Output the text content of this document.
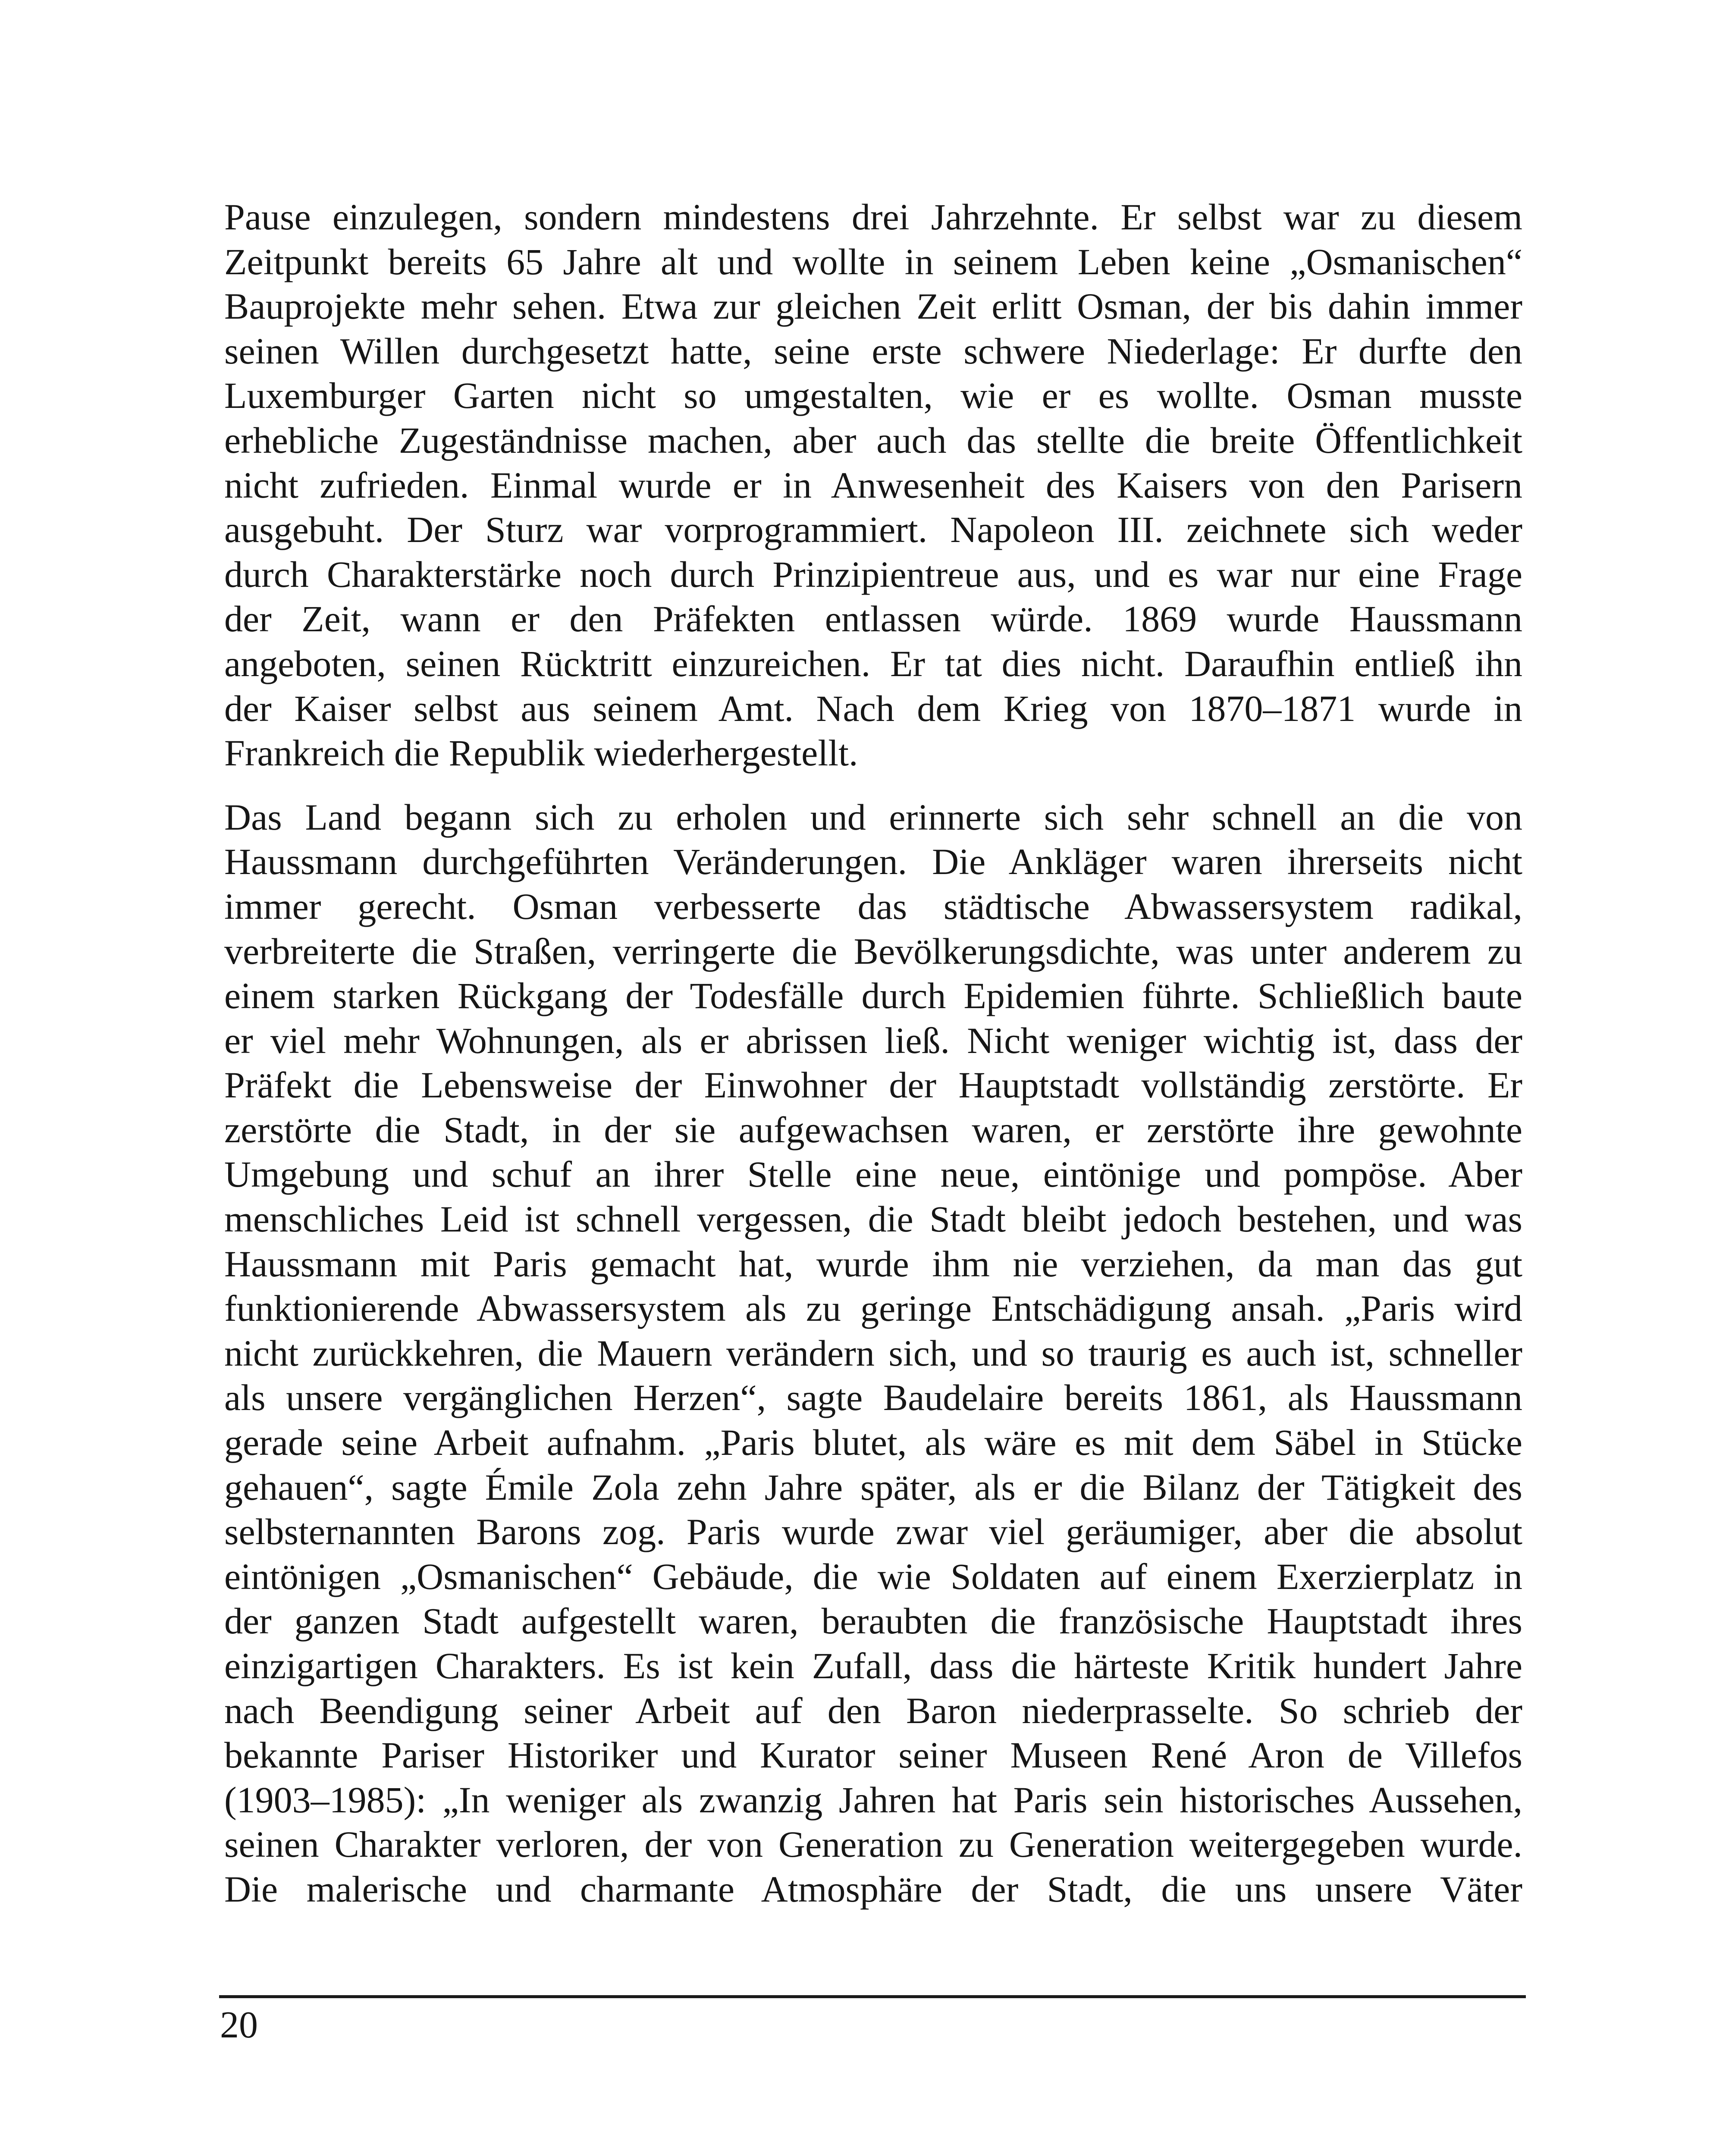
Pause einzulegen, sondern mindestens drei Jahrzehnte. Er selbst war zu diesem
Zeitpunkt bereits 65 Jahre alt und wollte in seinem Leben keine „Osmanischen“
Bauprojekte mehr sehen. Etwa zur gleichen Zeit erlitt Osman, der bis dahin immer
seinen Willen durchgesetzt hatte, seine erste schwere Niederlage: Er durfte den
Luxemburger Garten nicht so umgestalten, wie er es wollte. Osman musste
erhebliche Zugeständnisse machen, aber auch das stellte die breite Öffentlichkeit
nicht zufrieden. Einmal wurde er in Anwesenheit des Kaisers von den Parisern
ausgebuht. Der Sturz war vorprogrammiert. Napoleon III. zeichnete sich weder
durch Charakterstärke noch durch Prinzipientreue aus, und es war nur eine Frage
der Zeit, wann er den Präfekten entlassen würde. 1869 wurde Haussmann
angeboten, seinen Rücktritt einzureichen. Er tat dies nicht. Daraufhin entließ ihn
der Kaiser selbst aus seinem Amt. Nach dem Krieg von 1870–1871 wurde in
Frankreich die Republik wiederhergestellt.

Das Land begann sich zu erholen und erinnerte sich sehr schnell an die von
Haussmann durchgeführten Veränderungen. Die Ankläger waren ihrerseits nicht
immer gerecht. Osman verbesserte das städtische Abwassersystem radikal,
verbreiterte die Straßen, verringerte die Bevölkerungsdichte, was unter anderem zu
einem starken Rückgang der Todesfälle durch Epidemien führte. Schließlich baute
er viel mehr Wohnungen, als er abrissen ließ. Nicht weniger wichtig ist, dass der
Präfekt die Lebensweise der Einwohner der Hauptstadt vollständig zerstörte. Er
zerstörte die Stadt, in der sie aufgewachsen waren, er zerstörte ihre gewohnte
Umgebung und schuf an ihrer Stelle eine neue, eintönige und pompöse. Aber
menschliches Leid ist schnell vergessen, die Stadt bleibt jedoch bestehen, und was
Haussmann mit Paris gemacht hat, wurde ihm nie verziehen, da man das gut
funktionierende Abwassersystem als zu geringe Entschädigung ansah. „Paris wird
nicht zurückkehren, die Mauern verändern sich, und so traurig es auch ist, schneller
als unsere vergänglichen Herzen“, sagte Baudelaire bereits 1861, als Haussmann
gerade seine Arbeit aufnahm. „Paris blutet, als wäre es mit dem Säbel in Stücke
gehauen“, sagte Émile Zola zehn Jahre später, als er die Bilanz der Tätigkeit des
selbsternannten Barons zog. Paris wurde zwar viel geräumiger, aber die absolut
eintönigen „Osmanischen“ Gebäude, die wie Soldaten auf einem Exerzierplatz in
der ganzen Stadt aufgestellt waren, beraubten die französische Hauptstadt ihres
einzigartigen Charakters. Es ist kein Zufall, dass die härteste Kritik hundert Jahre
nach Beendigung seiner Arbeit auf den Baron niederprasselte. So schrieb der
bekannte Pariser Historiker und Kurator seiner Museen René Aron de Villefos
(1903–1985): „In weniger als zwanzig Jahren hat Paris sein historisches Aussehen,
seinen Charakter verloren, der von Generation zu Generation weitergegeben wurde.
Die malerische und charmante Atmosphäre der Stadt, die uns unsere Väter

20
